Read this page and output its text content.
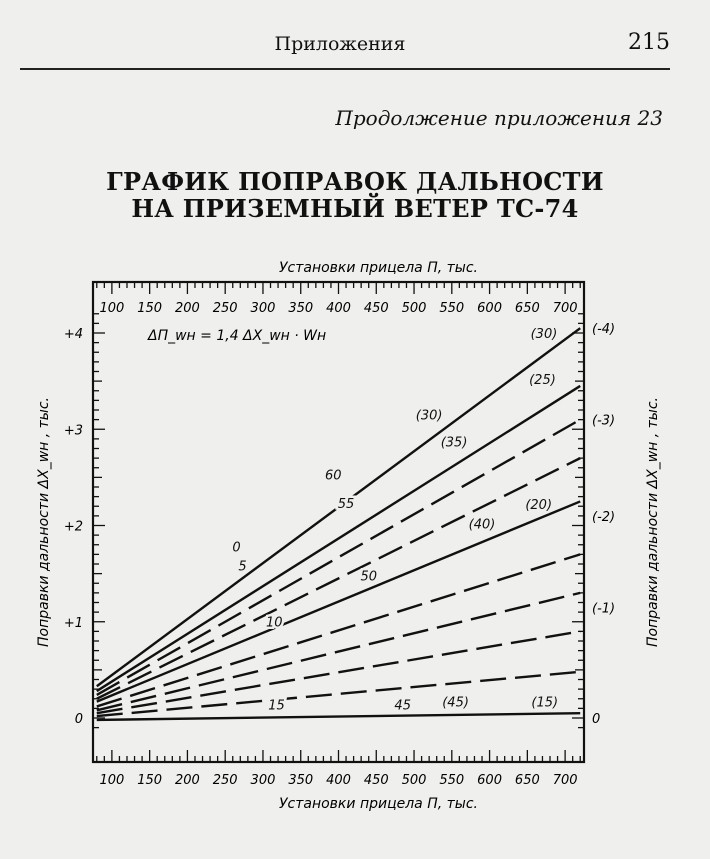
Приложения	215
Продолжение приложения 23
ГРАФИК ПОПРАВОК ДАЛЬНОСТИ
НА ПРИЗЕМНЫЙ ВЕТЕР ТС-74
100
100
150
150
200
200
250
250
300
300
350
350
400
400
450
450
500
500
550
550
600
600
650
650
700
700
0
+1
+2
+3
+4
0
(-1)
(-2)
(-3)
(-4)
Установки прицела П, тыс.
Установки прицела П, тыс.
Поправки дальности ΔX_wн , тыс.	Поправки дальности ΔX_wн , тыс.
ΔП_wн = 1,4 ΔX_wн · Wн	(30)
(25)
(30)
(35)
60
55	(20)
(40)
0
5
50
10
15	45 (45)	(15)
